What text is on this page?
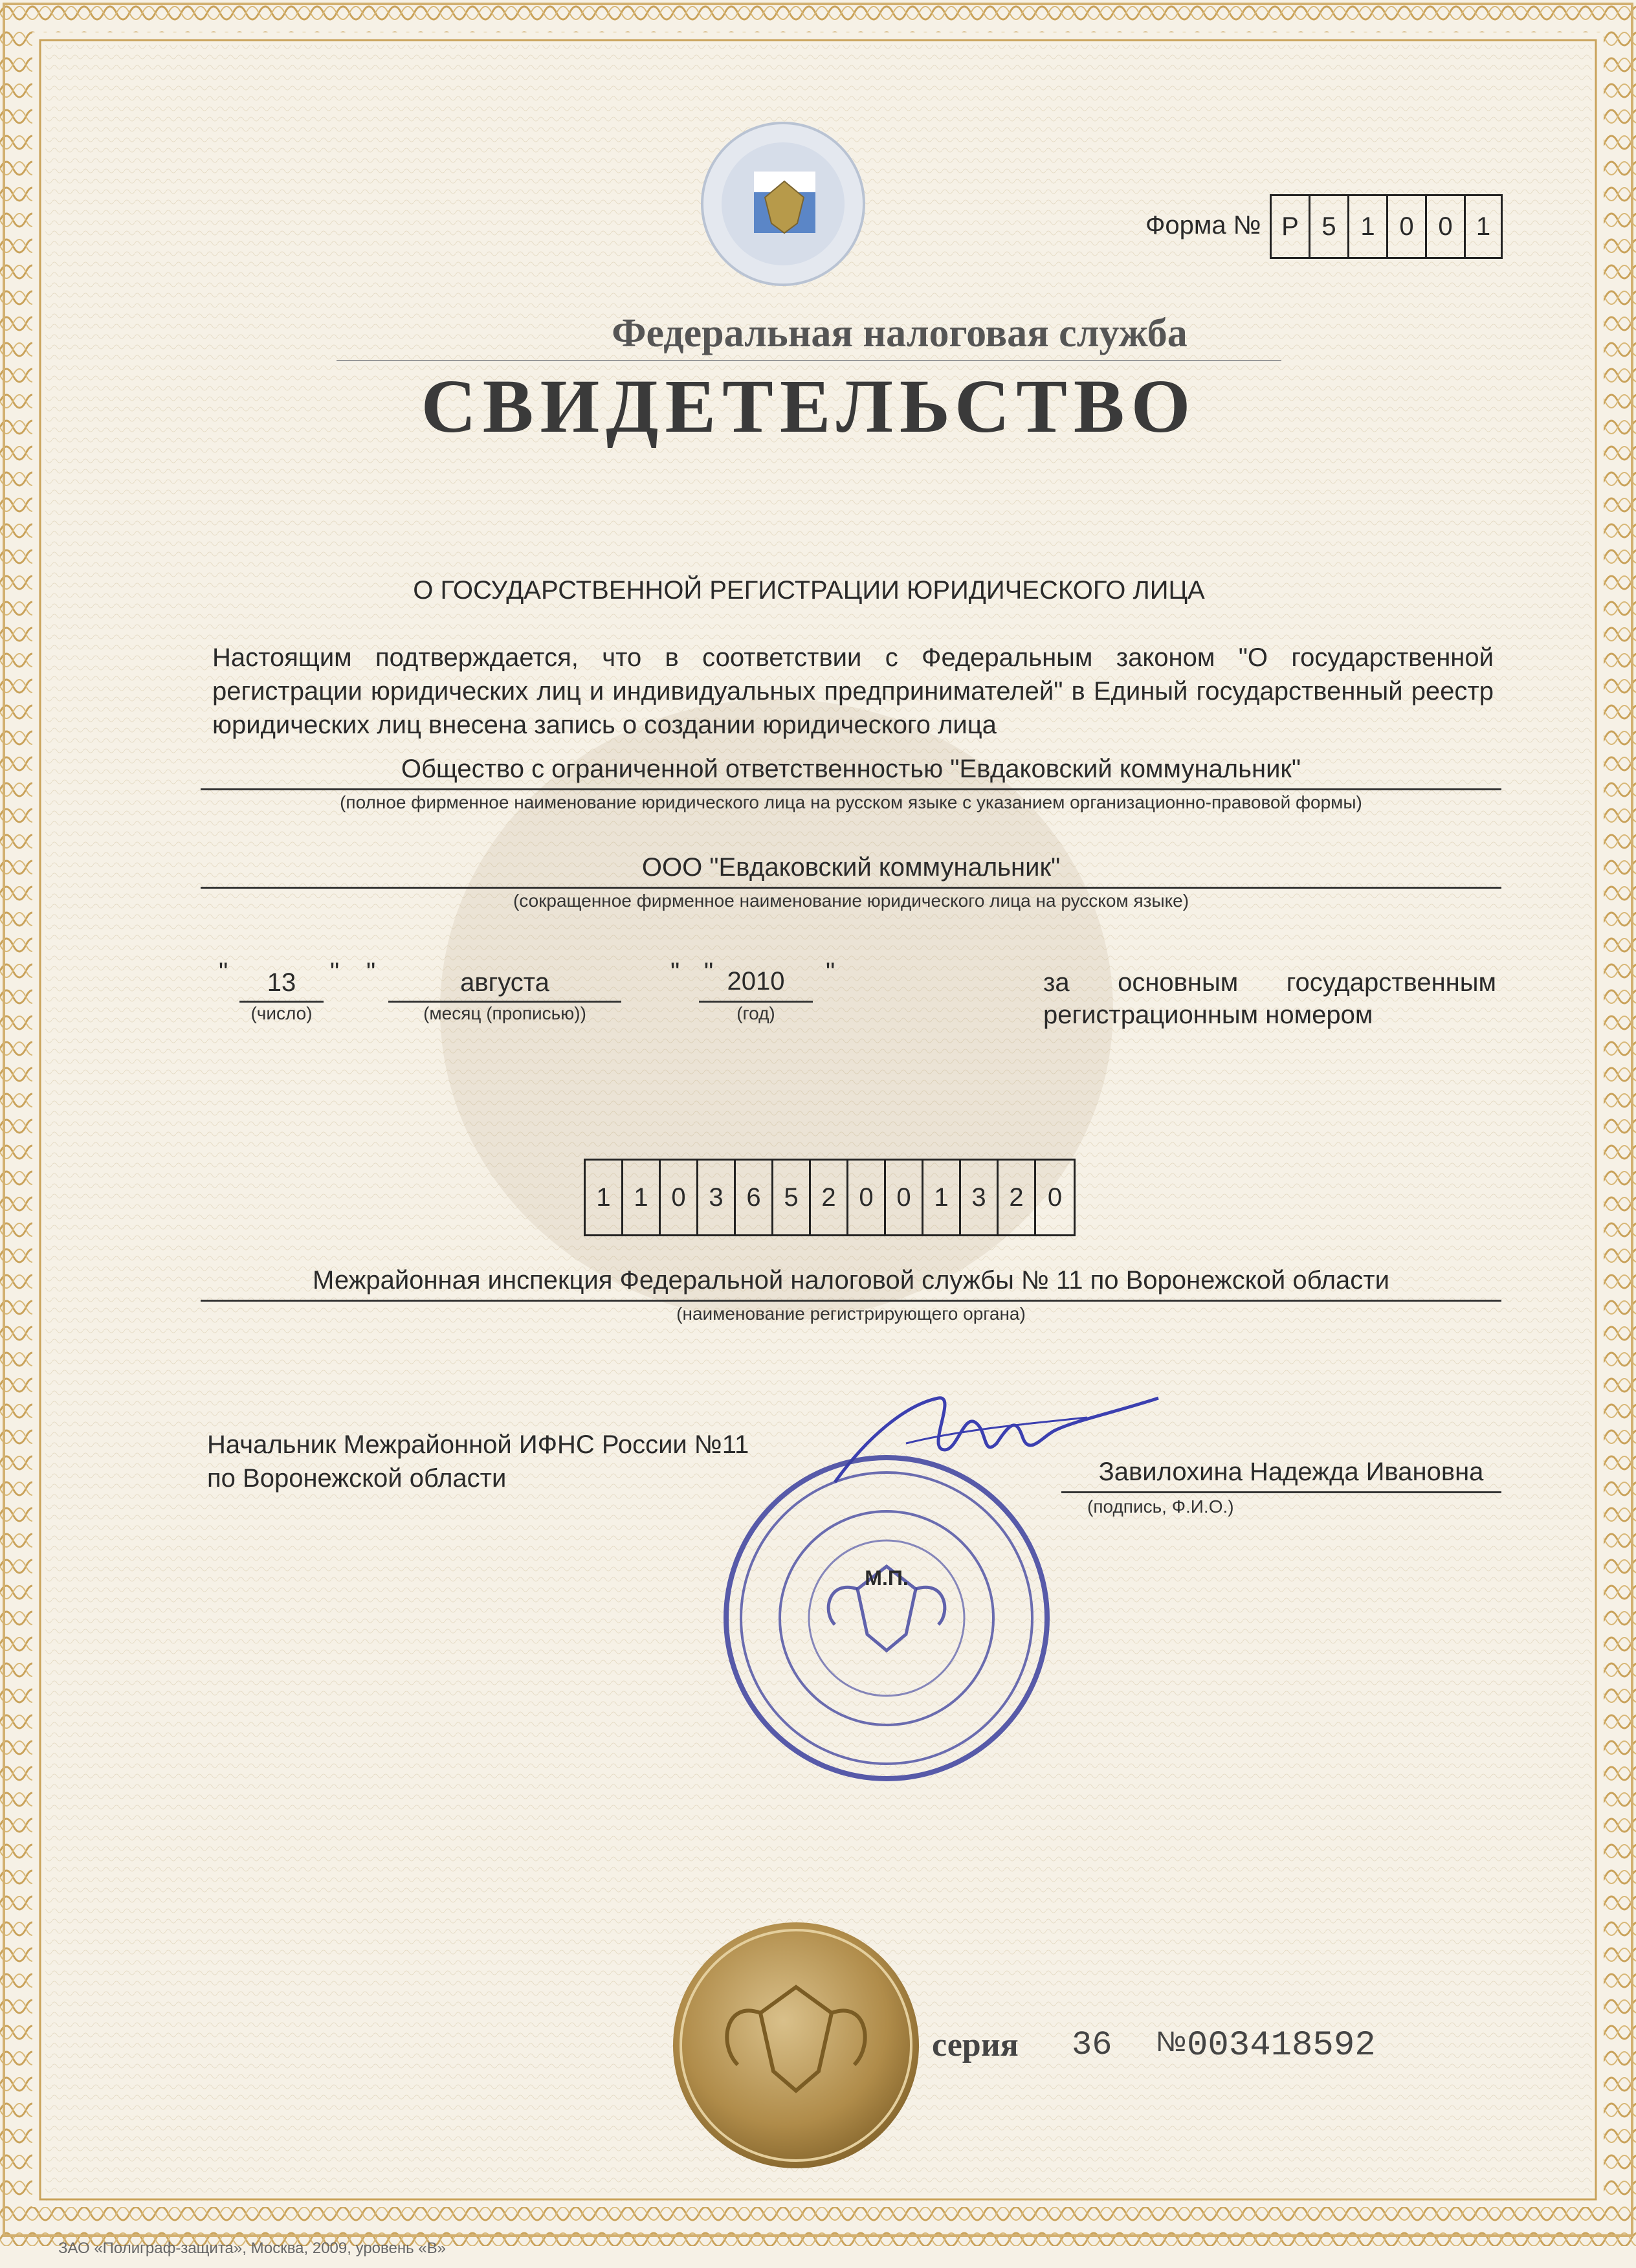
Форма № Р 5 1 0 0 1
Федеральная налоговая служба
СВИДЕТЕЛЬСТВО
О ГОСУДАРСТВЕННОЙ РЕГИСТРАЦИИ ЮРИДИЧЕСКОГО ЛИЦА
Настоящим подтверждается, что в соответствии с Федеральным законом "О государственной регистрации юридических лиц и индивидуальных предпринимателей" в Единый государственный реестр юридических лиц внесена запись о создании юридического лица
Общество с ограниченной ответственностью "Евдаковский коммунальник"
(полное фирменное наименование юридического лица на русском языке с указанием организационно-правовой формы)
ООО "Евдаковский коммунальник"
(сокращенное фирменное наименование юридического лица на русском языке)
"	13	"
(число)
"	августа
(месяц (прописью))
" " 2010	"
(год)
за основным государственным
регистрационным номером
1 1 0 3 6 5 2 0 0 1 3 2 0
Межрайонная инспекция Федеральной налоговой службы № 11 по Воронежской области
(наименование регистрирующего органа)
Начальник Межрайонной ИФНС России №11
по Воронежской области	Завилохина Надежда Ивановна
(подпись, Ф.И.О.)
М.П.
серия 36 № 003418592
ЗАО «Полиграф-защита», Москва, 2009, уровень «В»
